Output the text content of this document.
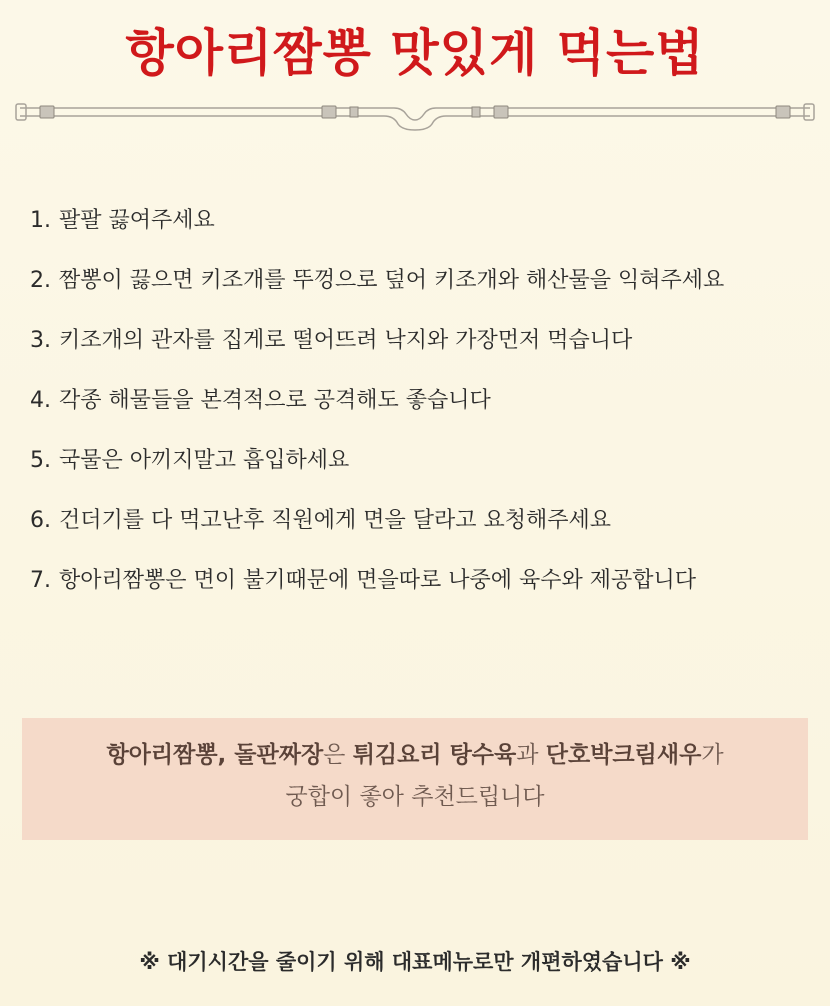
항아리짬뽕 맛있게 먹는법
1. 팔팔 끓여주세요
2. 짬뽕이 끓으면 키조개를 뚜껑으로 덮어 키조개와 해산물을 익혀주세요
3. 키조개의 관자를 집게로 떨어뜨려 낙지와 가장먼저 먹습니다
4. 각종 해물들을 본격적으로 공격해도 좋습니다
5. 국물은 아끼지말고 흡입하세요
6. 건더기를 다 먹고난후 직원에게 면을 달라고 요청해주세요
7. 항아리짬뽕은 면이 불기때문에 면을따로 나중에 육수와 제공합니다
항아리짬뽕, 돌판짜장은 튀김요리 탕수육과 단호박크림새우가
궁합이 좋아 추천드립니다
※ 대기시간을 줄이기 위해 대표메뉴로만 개편하였습니다 ※
